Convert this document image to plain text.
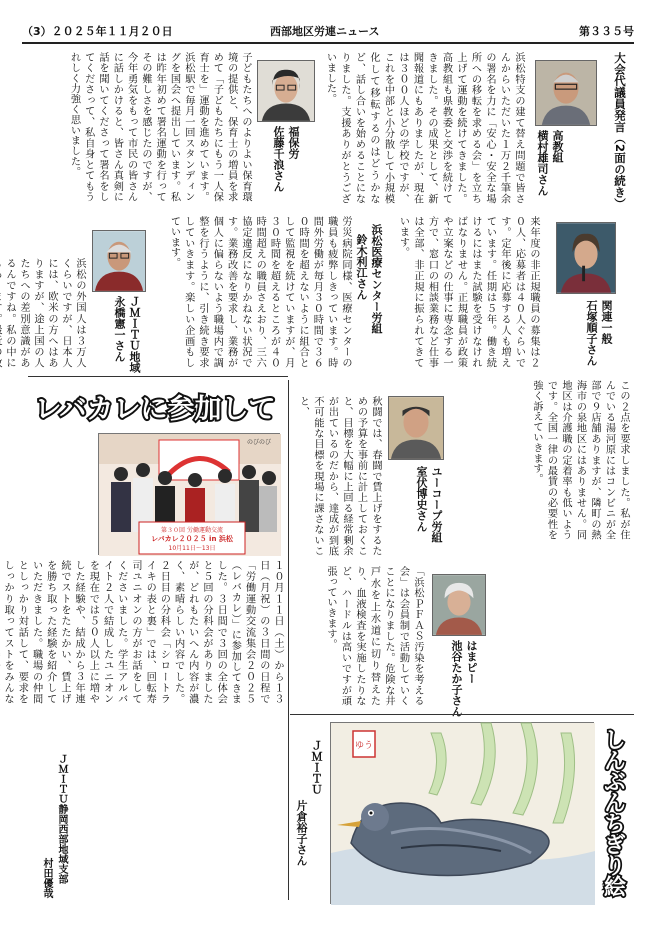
（3）２０２５年１１月２０日	西部地区労連ニュース	第３３５号
大会代議員発言（2面の続き）
高教組
横村雄司さん
浜松特支の建て替え問題で皆さんからいただいた１万２千筆余の署名を力に「安心・安全な場所への移転を求める会」を立ち上げて運動を続けてきました。高教組も県教委と交渉を続けてきました。その成果として、新聞報道にもありましたが、現在は３００人ほどの学校ですが、これを中部と小分散して小規模化して移転するのはどうかなど、話し合いを始めることになりました。支援ありがとうございました。
福保労
佐藤千浪さん
子どもたちへのよりよい保育環境の提供と、保育士の増員を求めて「子どもたちにもう一人保育士を」運動を進めています。浜松駅で毎月一回スタンディングを国会へ提出しています。私は昨年初めて署名運動を行ってその難しさを感じたのですが、今年勇気をもって市民の皆さんに話しかけると、皆さん真剣に話を聞いてくださって署名をしてくださって、私自身とてもうれしく力強く思いました。
関連一般
石塚順子さん
来年度の非正規職員の募集は２０人、応募者は４０人ぐらいです。定年後に応募する人も増えています。任期は５年。働き続けるにはまた試験を受けなければなりません。正規職員が政策や立案などの仕事に専念する一方で、窓口の相談業務など仕事は全部、非正規に振られてきています。
浜松医療センター労組
鈴木利江さん
労災病院同様、医療センターの職員も疲弊しきっています。時間外労働が毎月３０時間で３６０時間を超えないように組合として監視を続けていますが、月３０時間を超えるところが４０時間超えの職員さえおり、三六協定違反になりかねない状況です。業務改善を要求し、業務が個人に偏らないよう職場内で調整を行うように、引き続き要求していきます。楽しい企画もしています。
ＪＭＩＴＵ地域
永橋憲一さん
浜松の外国人は３万人くらいですが、日本人には、欧米の方へはありますが、途上国の人たちへの差別意識があるんですね。私の中に
この２点を要求しました。私が住んでいる湯河原にはコンビニが全部で９店舗ありますが、隣町の熱海市の泉地区にはありません。同地区は介護職の定着率も低いようです。全国一律の最賃の必要性を強く訴えていきます。
ユーコープ労組
室伏博史さん
秋闘では、春闘で賃上げをするための予算を事前に計上しておくこと、目標を大幅に上回る経常剰余が出ているのだから、達成が到底不可能な目標を現場に課さないこと、
はまピー
池谷たか子さん
「浜松ＰＦＡＳ汚染を考える会」は会員制で活動していくことになりました。危険な井戸水を上水道に切り替えたり、血液検査を実施したりなど、ハードルは高いですが頑張っていきます。
レバカレに参加して
第３０回 労働運動交流
レバカレ２０２５ in 浜松
10月11日～13日
のびのび
１０月１１日（土）から１３日（月祝）の３日間の日程で「労働運動交流集会２０２５（レバカレ）」に参加してきました。３日間で３回の全体会と５回の分科会がありましたが、どれもたいへん内容が濃く、素晴らしい内容でした。２日目の分科会「シロートライキの表と裏」では、回転寿司ユニオンの方がお話をしてくださいました。学生アルバイト２人で結成したユニオンを現在では５０人以上に増やした経験や、結成から３年連続でストをたたかい、賃上げを勝ち取った経験を紹介していただきました。職場の仲間としっかり対話して、要求をしっかり取ってストをみんな
ＪＭＩＴＵ静岡西部地域支部
村田優哉
ＪＭＩＴＵ
片倉裕子さん
ゆう	しんぶんちぎり絵
